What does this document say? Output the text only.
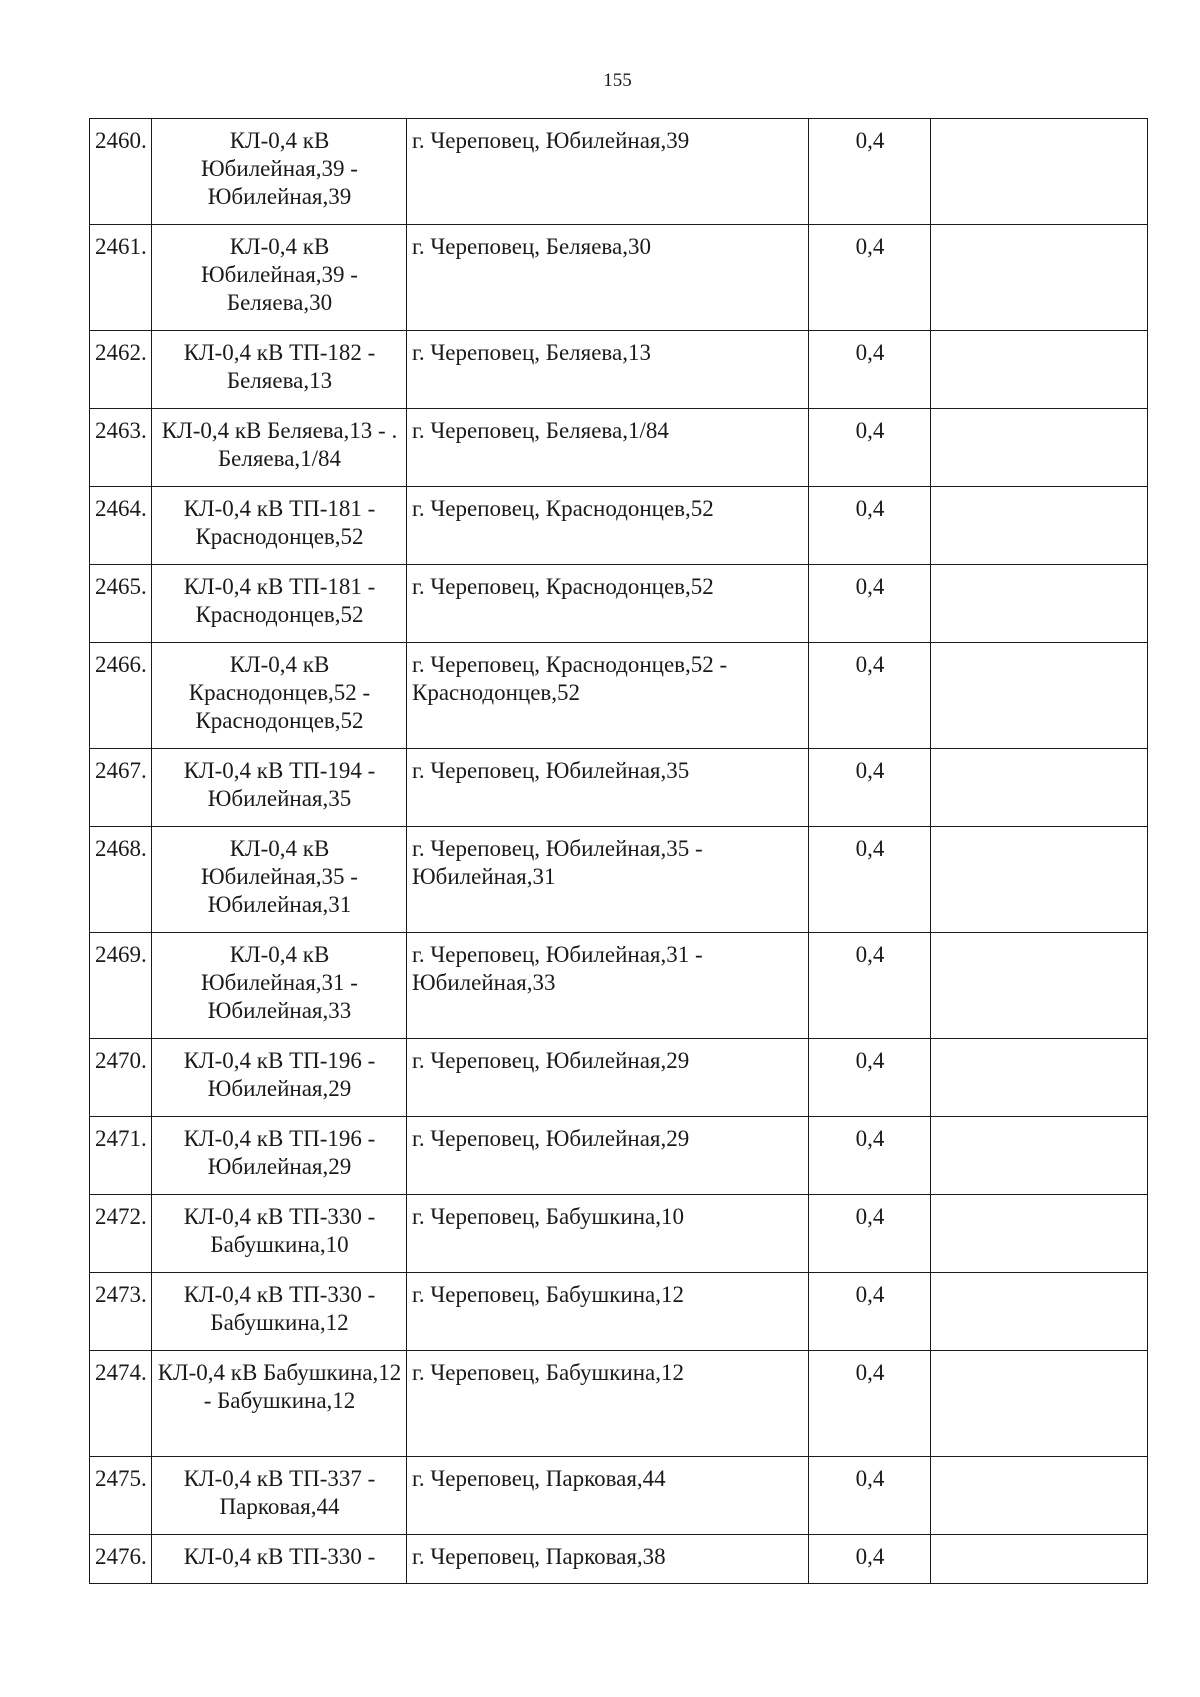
155
2460.	КЛ-0,4 кВ Юбилейная,39 - Юбилейная,39	г. Череповец, Юбилейная,39	0,4	
2461.	КЛ-0,4 кВ Юбилейная,39 - Беляева,30	г. Череповец, Беляева,30	0,4	
2462.	КЛ-0,4 кВ ТП-182 - Беляева,13	г. Череповец, Беляева,13	0,4	
2463.	КЛ-0,4 кВ Беляева,13 - . Беляева,1/84	г. Череповец, Беляева,1/84	0,4	
2464.	КЛ-0,4 кВ ТП-181 - Краснодонцев,52	г. Череповец, Краснодонцев,52	0,4	
2465.	КЛ-0,4 кВ ТП-181 - Краснодонцев,52	г. Череповец, Краснодонцев,52	0,4	
2466.	КЛ-0,4 кВ Краснодонцев,52 - Краснодонцев,52	г. Череповец, Краснодонцев,52 - Краснодонцев,52	0,4	
2467.	КЛ-0,4 кВ ТП-194 - Юбилейная,35	г. Череповец, Юбилейная,35	0,4	
2468.	КЛ-0,4 кВ Юбилейная,35 - Юбилейная,31	г. Череповец, Юбилейная,35 - Юбилейная,31	0,4	
2469.	КЛ-0,4 кВ Юбилейная,31 - Юбилейная,33	г. Череповец, Юбилейная,31 - Юбилейная,33	0,4	
2470.	КЛ-0,4 кВ ТП-196 - Юбилейная,29	г. Череповец, Юбилейная,29	0,4	
2471.	КЛ-0,4 кВ ТП-196 - Юбилейная,29	г. Череповец, Юбилейная,29	0,4	
2472.	КЛ-0,4 кВ ТП-330 - Бабушкина,10	г. Череповец, Бабушкина,10	0,4	
2473.	КЛ-0,4 кВ ТП-330 - Бабушкина,12	г. Череповец, Бабушкина,12	0,4	
2474.	КЛ-0,4 кВ Бабушкина,12 - Бабушкина,12	г. Череповец, Бабушкина,12	0,4	
2475.	КЛ-0,4 кВ ТП-337 - Парковая,44	г. Череповец, Парковая,44	0,4	
2476.	КЛ-0,4 кВ ТП-330 -	г. Череповец, Парковая,38	0,4	
